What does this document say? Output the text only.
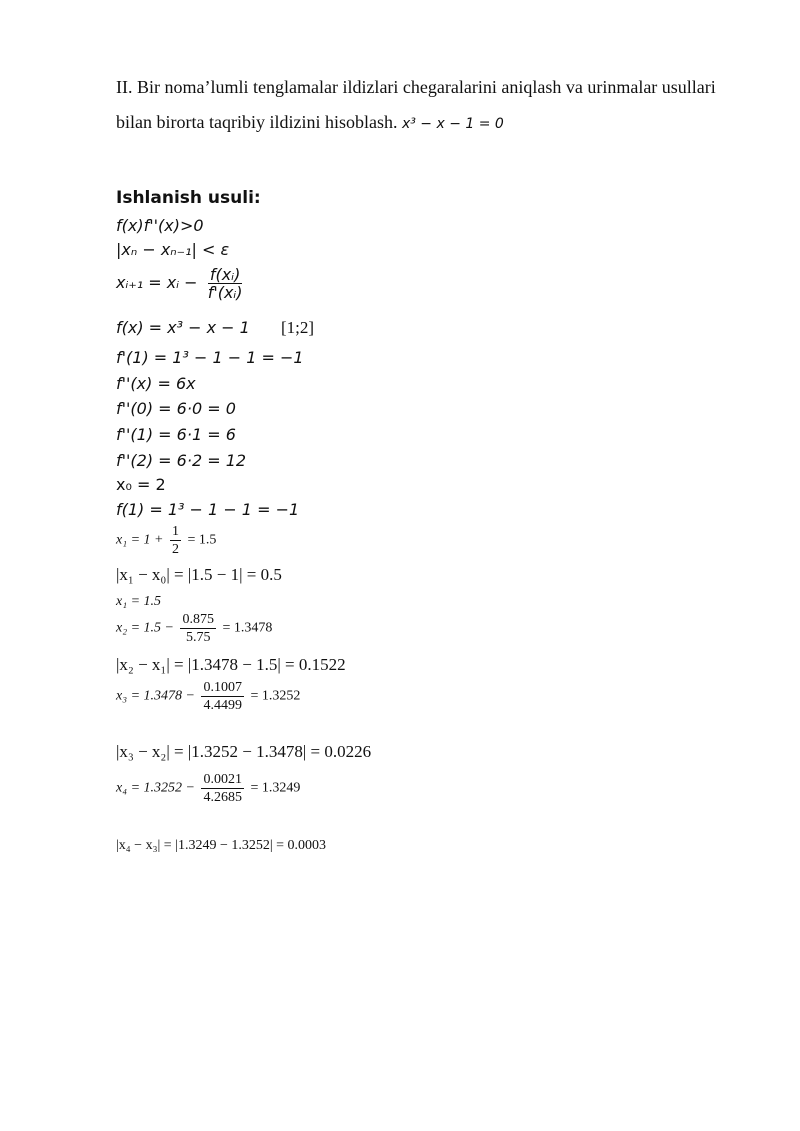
II. Bir noma’lumli tenglamalar ildizlari chegaralarini aniqlash va urinmalar usullari
bilan birorta taqribiy ildizini hisoblash. x³ − x − 1 = 0
Ishlanish usuli:
f(x)f''(x)>0
|xₙ − xₙ₋₁| < ε
xᵢ₊₁ = xᵢ − $\frac{\text{f(xᵢ)}}{\text{f'(xᵢ)}}$
f(x) = x³ − x − 1 [1;2]
f'(1) = 1³ − 1 − 1 = −1
f''(x) = 6x
f''(0) = 6·0 = 0
f''(1) = 6·1 = 6
f''(2) = 6·2 = 12
x₀ = 2
f(1) = 1³ − 1 − 1 = −1
$x_1 = 1 + \frac{1}{2} = 1.5$
|x₁ − x₀| = |1.5 − 1| = 0.5
x₁ = 1.5
$x_2 = 1.5 - \frac{0.875}{5.75} = 1.3478$
|x₂ − x₁| = |1.3478 − 1.5| = 0.1522
$x_3 = 1.3478 - \frac{0.1007}{4.4499} = 1.3252$
|x₃ − x₂| = |1.3252 − 1.3478| = 0.0226
$x_4 = 1.3252 - \frac{0.0021}{4.2685} = 1.3249$
|x₄ − x₃| = |1.3249 − 1.3252| = 0.0003
